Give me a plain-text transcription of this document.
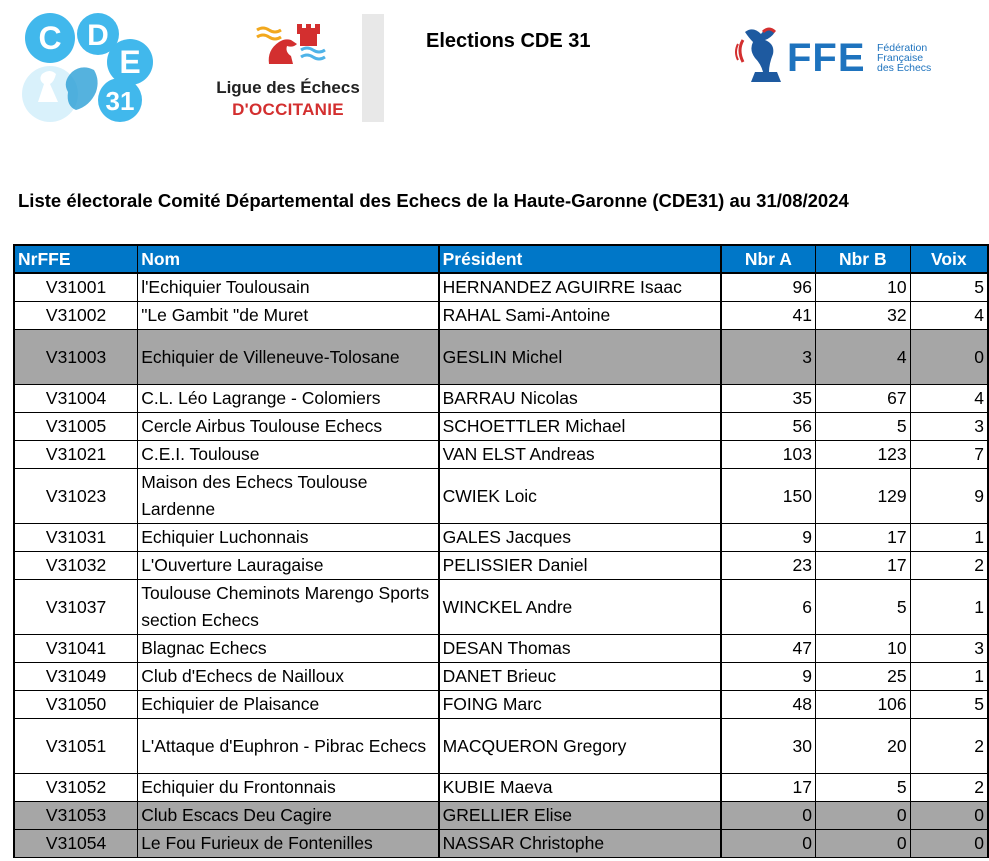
C D
E
31	Ligue des Échecs
D'OCCITANIE
Elections CDE 31	FFE Fédération
Française
des Échecs
Liste électorale Comité Départemental des Echecs de la Haute-Garonne (CDE31) au 31/08/2024
NrFFE	Nom	Président	Nbr A	Nbr B	Voix
V31001	l'Echiquier Toulousain	HERNANDEZ AGUIRRE Isaac	96	10	5
V31002	"Le Gambit "de Muret	RAHAL Sami-Antoine	41	32	4
V31003	Echiquier de Villeneuve-Tolosane	GESLIN Michel	3	4	0
V31004	C.L. Léo Lagrange - Colomiers	BARRAU Nicolas	35	67	4
V31005	Cercle Airbus Toulouse Echecs	SCHOETTLER Michael	56	5	3
V31021	C.E.I. Toulouse	VAN ELST Andreas	103	123	7
V31023	Maison des Echecs Toulouse Lardenne	CWIEK Loic	150	129	9
V31031	Echiquier Luchonnais	GALES Jacques	9	17	1
V31032	L'Ouverture Lauragaise	PELISSIER Daniel	23	17	2
V31037	Toulouse Cheminots Marengo Sports section Echecs	WINCKEL Andre	6	5	1
V31041	Blagnac Echecs	DESAN Thomas	47	10	3
V31049	Club d'Echecs de Nailloux	DANET Brieuc	9	25	1
V31050	Echiquier de Plaisance	FOING Marc	48	106	5
V31051	L'Attaque d'Euphron - Pibrac Echecs	MACQUERON Gregory	30	20	2
V31052	Echiquier du Frontonnais	KUBIE Maeva	17	5	2
V31053	Club Escacs Deu Cagire	GRELLIER Elise	0	0	0
V31054	Le Fou Furieux de Fontenilles	NASSAR Christophe	0	0	0
